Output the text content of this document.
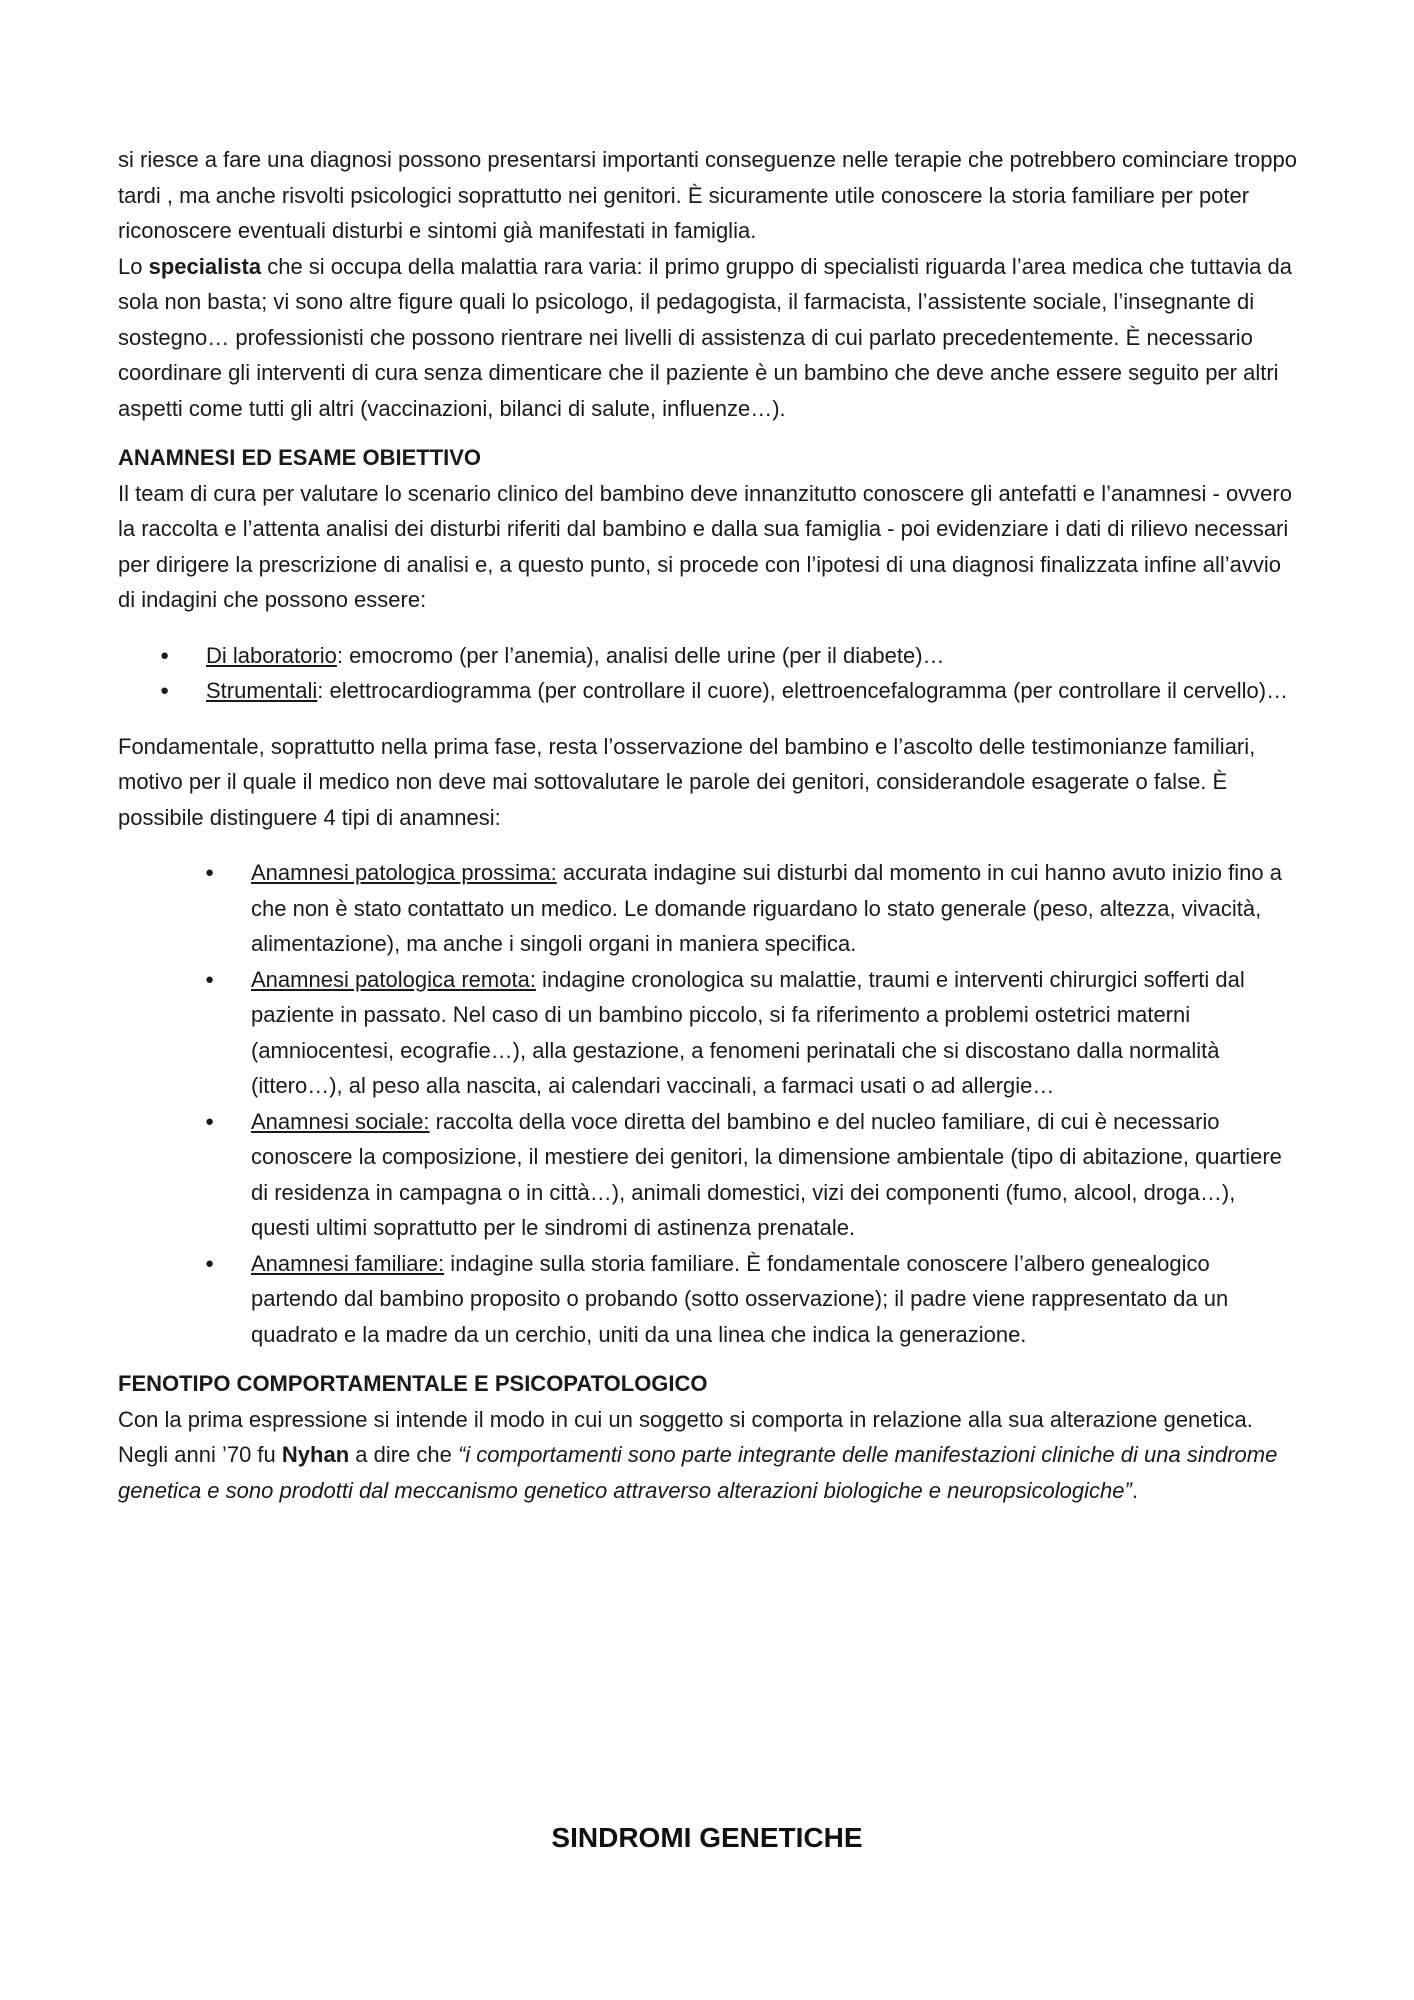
si riesce a fare una diagnosi possono presentarsi importanti conseguenze nelle terapie che potrebbero cominciare troppo tardi , ma anche risvolti psicologici soprattutto nei genitori. È sicuramente utile conoscere la storia familiare per poter riconoscere eventuali disturbi e sintomi già manifestati in famiglia.

Lo specialista che si occupa della malattia rara varia: il primo gruppo di specialisti riguarda l’area medica che tuttavia da sola non basta; vi sono altre figure quali lo psicologo, il pedagogista, il farmacista, l’assistente sociale, l’insegnante di sostegno… professionisti che possono rientrare nei livelli di assistenza di cui parlato precedentemente. È necessario coordinare gli interventi di cura senza dimenticare che il paziente è un bambino che deve anche essere seguito per altri aspetti come tutti gli altri (vaccinazioni, bilanci di salute, influenze…).

ANAMNESI ED ESAME OBIETTIVO

Il team di cura per valutare lo scenario clinico del bambino deve innanzitutto conoscere gli antefatti e l’anamnesi - ovvero la raccolta e l’attenta analisi dei disturbi riferiti dal bambino e dalla sua famiglia - poi evidenziare i dati di rilievo necessari per dirigere la prescrizione di analisi e, a questo punto, si procede con l’ipotesi di una diagnosi finalizzata infine all’avvio di indagini che possono essere:

● Di laboratorio: emocromo (per l’anemia), analisi delle urine (per il diabete)…
● Strumentali: elettrocardiogramma (per controllare il cuore), elettroencefalogramma (per controllare il cervello)…

Fondamentale, soprattutto nella prima fase, resta l’osservazione del bambino e l’ascolto delle testimonianze familiari, motivo per il quale il medico non deve mai sottovalutare le parole dei genitori, considerandole esagerate o false. È possibile distinguere 4 tipi di anamnesi:

● Anamnesi patologica prossima: accurata indagine sui disturbi dal momento in cui hanno avuto inizio fino a che non è stato contattato un medico. Le domande riguardano lo stato generale (peso, altezza, vivacità, alimentazione), ma anche i singoli organi in maniera specifica.
● Anamnesi patologica remota: indagine cronologica su malattie, traumi e interventi chirurgici sofferti dal paziente in passato. Nel caso di un bambino piccolo, si fa riferimento a problemi ostetrici materni (amniocentesi, ecografie…), alla gestazione, a fenomeni perinatali che si discostano dalla normalità (ittero…), al peso alla nascita, ai calendari vaccinali, a farmaci usati o ad allergie…
● Anamnesi sociale: raccolta della voce diretta del bambino e del nucleo familiare, di cui è necessario conoscere la composizione, il mestiere dei genitori, la dimensione ambientale (tipo di abitazione, quartiere di residenza in campagna o in città…), animali domestici, vizi dei componenti (fumo, alcool, droga…), questi ultimi soprattutto per le sindromi di astinenza prenatale.
● Anamnesi familiare: indagine sulla storia familiare. È fondamentale conoscere l’albero genealogico partendo dal bambino proposito o probando (sotto osservazione); il padre viene rappresentato da un quadrato e la madre da un cerchio, uniti da una linea che indica la generazione.

FENOTIPO COMPORTAMENTALE E PSICOPATOLOGICO

Con la prima espressione si intende il modo in cui un soggetto si comporta in relazione alla sua alterazione genetica. Negli anni ’70 fu Nyhan a dire che “i comportamenti sono parte integrante delle manifestazioni cliniche di una sindrome genetica e sono prodotti dal meccanismo genetico attraverso alterazioni biologiche e neuropsicologiche”.

SINDROMI GENETICHE
